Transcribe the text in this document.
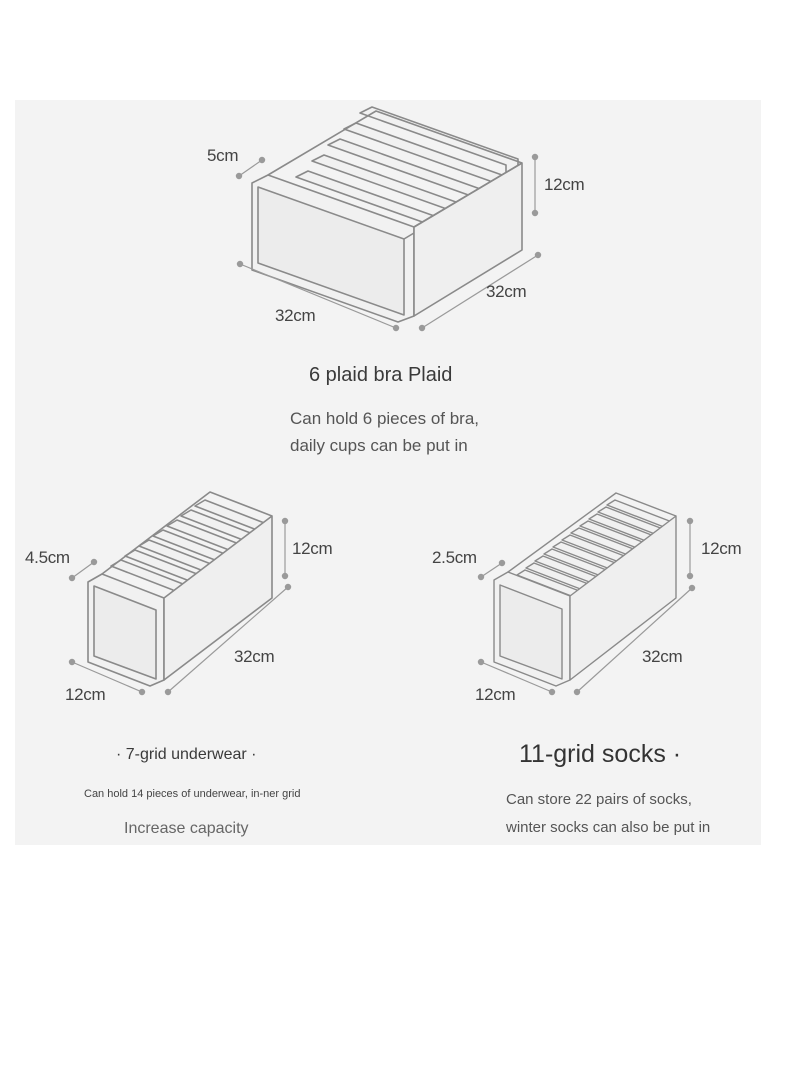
5cm
12cm
32cm
32cm
6 plaid bra Plaid
Can hold 6 pieces of bra,
daily cups can be put in
4.5cm	12cm
12cm
32cm
· 7-grid underwear ·
Can hold 14 pieces of underwear, in-ner grid
Increase capacity
2.5cm	12cm
12cm
32cm
11-grid socks ·
Can store 22 pairs of socks,
winter socks can also be put in
